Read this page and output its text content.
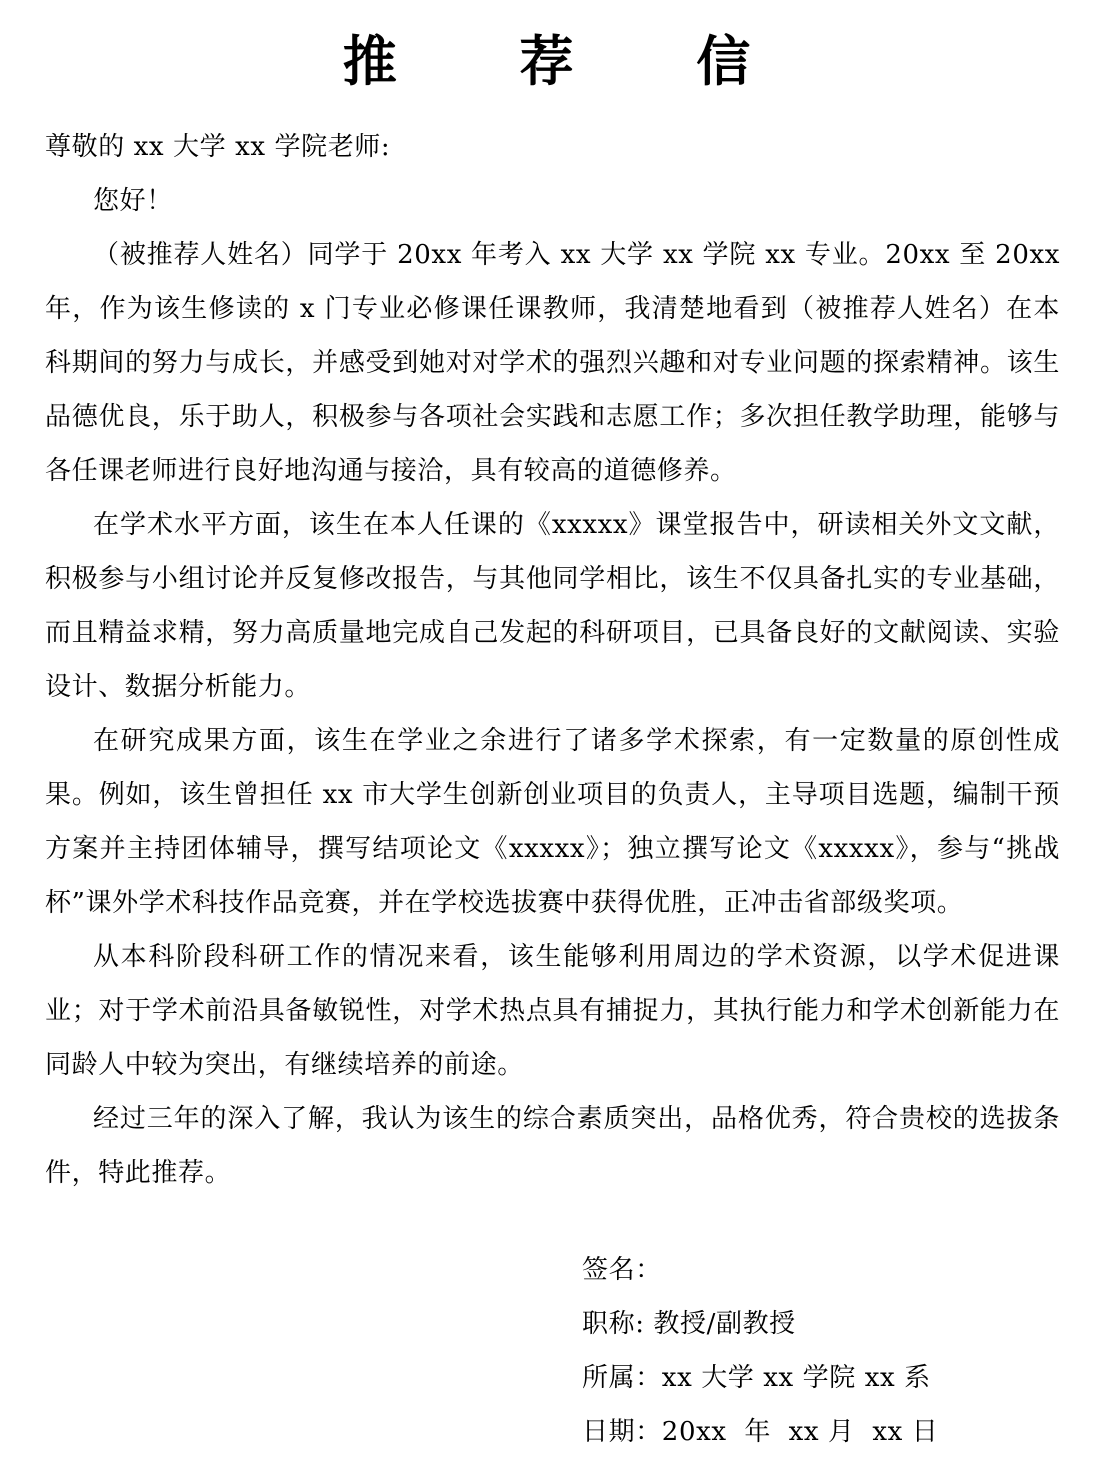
推 荐 信

尊敬的 xx 大学 xx 学院老师:

您好！

（被推荐人姓名）同学于 20xx 年考入 xx 大学 xx 学院 xx 专业。20xx 至 20xx 年，作为该生修读的 x 门专业必修课任课教师，我清楚地看到（被推荐人姓名）在本科期间的努力与成长，并感受到她对对学术的强烈兴趣和对专业问题的探索精神。该生品德优良，乐于助人，积极参与各项社会实践和志愿工作；多次担任教学助理，能够与各任课老师进行良好地沟通与接洽，具有较高的道德修养。

在学术水平方面，该生在本人任课的《xxxxx》课堂报告中，研读相关外文文献，积极参与小组讨论并反复修改报告，与其他同学相比，该生不仅具备扎实的专业基础，而且精益求精，努力高质量地完成自己发起的科研项目，已具备良好的文献阅读、实验设计、数据分析能力。

在研究成果方面，该生在学业之余进行了诸多学术探索，有一定数量的原创性成果。例如，该生曾担任 xx 市大学生创新创业项目的负责人，主导项目选题，编制干预方案并主持团体辅导，撰写结项论文《xxxxx》；独立撰写论文《xxxxx》，参与“挑战杯”课外学术科技作品竞赛，并在学校选拔赛中获得优胜，正冲击省部级奖项。

从本科阶段科研工作的情况来看，该生能够利用周边的学术资源，以学术促进课业；对于学术前沿具备敏锐性，对学术热点具有捕捉力，其执行能力和学术创新能力在同龄人中较为突出，有继续培养的前途。

经过三年的深入了解，我认为该生的综合素质突出，品格优秀，符合贵校的选拔条件，特此推荐。

签名：
职称: 教授/副教授
所属：xx 大学 xx 学院 xx 系
日期：20xx  年  xx 月  xx 日
